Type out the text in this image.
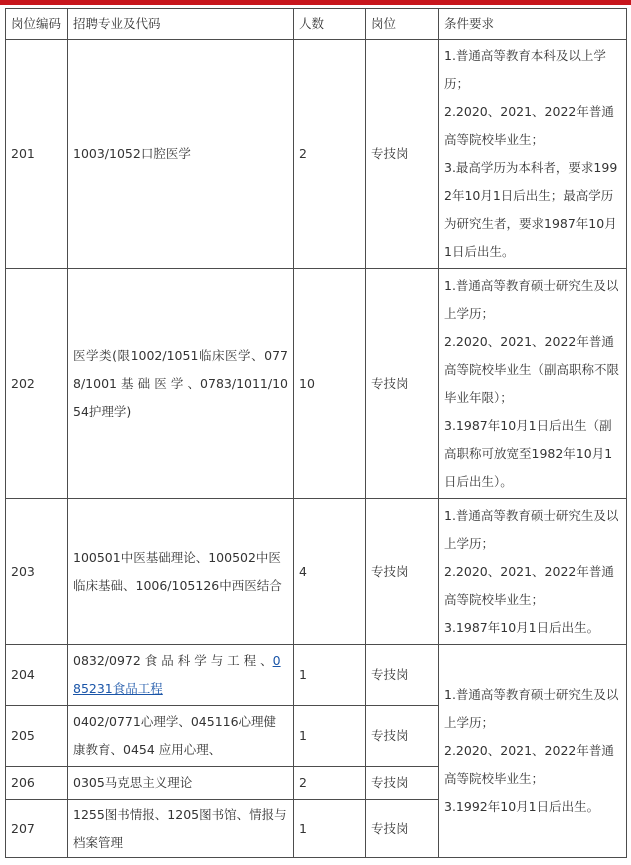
岗位编码	招聘专业及代码	人数	岗位	条件要求
201	1003/1052口腔医学	2	专技岗	1.普通高等教育本科及以上学历；
2.2020、2021、2022年普通高等院校毕业生；
3.最高学历为本科者，要求1992年10月1日后出生；最高学历为研究生者，要求1987年10月1日后出生。

202	医学类(限1002/1051临床医学、0778/1001 基 础 医 学 、0783/1011/1054护理学)	10	专技岗	1.普通高等教育硕士研究生及以上学历；
2.2020、2021、2022年普通高等院校毕业生（副高职称不限毕业年限）；
3.1987年10月1日后出生（副高职称可放宽至1982年10月1日后出生）。

203	100501中医基础理论、100502中医临床基础、1006/105126中西医结合	4	专技岗	1.普通高等教育硕士研究生及以上学历；
2.2020、2021、2022年普通高等院校毕业生；
3.1987年10月1日后出生。

204	0832/0972 食 品 科 学 与 工 程 、085231食品工程	1	专技岗	1.普通高等教育硕士研究生及以上学历；
2.2020、2021、2022年普通高等院校毕业生；
3.1992年10月1日后出生。

205	0402/0771心理学、045116心理健康教育、0454 应用心理、	1	专技岗	
206	0305马克思主义理论	2	专技岗	
207	1255图书情报、1205图书馆、情报与档案管理	1	专技岗	
